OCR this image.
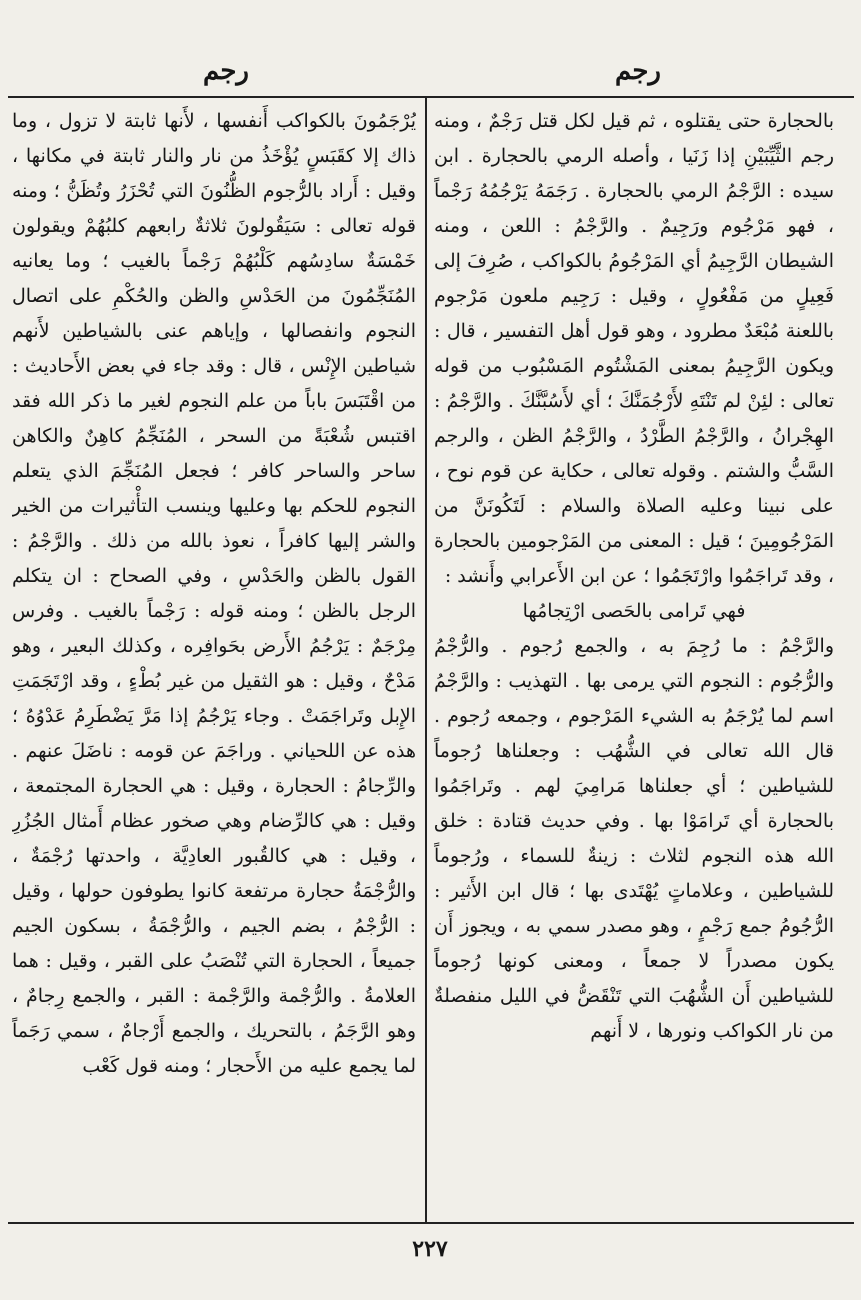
رجم
رجم

بالحجارة حتى يقتلوه ، ثم قيل لكل قتل رَجْمٌ ، ومنه رجم الثَّيِّبَيْنِ إذا زَنَيا ، وأصله الرمي بالحجارة . ابن سيده : الرَّجْمُ الرمي بالحجارة . رَجَمَهُ يَرْجُمُهُ رَجْماً ، فهو مَرْجُوم ورَجِيمٌ . والرَّجْمُ : اللعن ، ومنه الشيطان الرَّجِيمُ أي المَرْجُومُ بالكواكب ، صُرِفَ إلى فَعِيلٍ من مَفْعُولٍ ، وقيل : رَجِيم ملعون مَرْجوم باللعنة مُبْعَدٌ مطرود ، وهو قول أهل التفسير ، قال : ويكون الرَّجِيمُ بمعنى المَشْتُوم المَسْبُوب من قوله تعالى : لئِنْ لم تَنْتَهِ لأَرْجُمَنَّكَ ؛ أي لأَسُبَّنَّكَ . والرَّجْمُ : الهِجْرانُ ، والرَّجْمُ الطَّرْدُ ، والرَّجْمُ الظن ، والرجم السَّبُّ والشتم . وقوله تعالى ، حكاية عن قوم نوح ، على نبينا وعليه الصلاة والسلام : لَتَكُونَنَّ من المَرْجُومِينَ ؛ قيل : المعنى من المَرْجومين بالحجارة ، وقد تَراجَمُوا وارْتَجَمُوا ؛ عن ابن الأَعرابي وأَنشد :

فهي تَرامى بالحَصى ارْتِجامُها

والرَّجْمُ : ما رُجِمَ به ، والجمع رُجوم . والرُّجْمُ والرُّجُوم : النجوم التي يرمى بها . التهذيب : والرَّجْمُ اسم لما يُرْجَمُ به الشيء المَرْجوم ، وجمعه رُجوم . قال الله تعالى في الشُّهُب : وجعلناها رُجوماً للشياطين ؛ أي جعلناها مَرامِيَ لهم . وتَراجَمُوا بالحجارة أي تَرامَوْا بها . وفي حديث قتادة : خلق الله هذه النجوم لثلاث : زينةٌ للسماء ، ورُجوماً للشياطين ، وعلاماتٍ يُهْتَدى بها ؛ قال ابن الأَثير : الرُّجُومُ جمع رَجْمٍ ، وهو مصدر سمي به ، ويجوز أَن يكون مصدراً لا جمعاً ، ومعنى كونها رُجوماً للشياطين أَن الشُّهُبَ التي تَنْقَضُّ في الليل منفصلةٌ من نار الكواكب ونورها ، لا أَنهم

يُرْجَمُونَ بالكواكب أَنفسها ، لأَنها ثابتة لا تزول ، وما ذاك إلا كقَبَسٍ يُؤْخَذُ من نار والنار ثابتة في مكانها ، وقيل : أَراد بالرُّجوم الظُّنُونَ التي تُحْزَرُ وتُظَنُّ ؛ ومنه قوله تعالى : سَيَقُولونَ ثلاثةٌ رابعهم كلبُهُمْ ويقولون خَمْسَةٌ سادِسُهم كَلْبُهُمْ رَجْماً بالغيب ؛ وما يعانيه المُنَجِّمُونَ من الحَدْسِ والظن والحُكْمِ على اتصال النجوم وانفصالها ، وإياهم عنى بالشياطين لأَنهم شياطين الإِنْس ، قال : وقد جاء في بعض الأَحاديث : من اقْتَبَسَ باباً من علم النجوم لغير ما ذكر الله فقد اقتبس شُعْبَةً من السحر ، المُنَجِّمُ كاهِنٌ والكاهن ساحر والساحر كافر ؛ فجعل المُنَجِّمَ الذي يتعلم النجوم للحكم بها وعليها وينسب التأْثيرات من الخير والشر إليها كافراً ، نعوذ بالله من ذلك . والرَّجْمُ : القول بالظن والحَدْسِ ، وفي الصحاح : ان يتكلم الرجل بالظن ؛ ومنه قوله : رَجْماً بالغيب . وفرس مِرْجَمٌ : يَرْجُمُ الأَرض بحَوافِره ، وكذلك البعير ، وهو مَدْحٌ ، وقيل : هو الثقيل من غير بُطْءٍ ، وقد ارْتَجَمَتِ الإِبل وتَراجَمَتْ . وجاء يَرْجُمُ إذا مَرَّ يَضْطَرِمُ عَدْوُهُ ؛ هذه عن اللحياني . وراجَمَ عن قومه : ناضَلَ عنهم . والرِّجامُ : الحجارة ، وقيل : هي الحجارة المجتمعة ، وقيل : هي كالرِّضام وهي صخور عظام أَمثال الجُزُرِ ، وقيل : هي كالقُبور العادِيَّة ، واحدتها رُجْمَةٌ ، والرُّجْمَةُ حجارة مرتفعة كانوا يطوفون حولها ، وقيل : الرُّجْمُ ، بضم الجيم ، والرُّجْمَةُ ، بسكون الجيم جميعاً ، الحجارة التي تُنْصَبُ على القبر ، وقيل : هما العلامةُ . والرُّجْمة والرَّجْمة : القبر ، والجمع رِجامٌ ، وهو الرَّجَمُ ، بالتحريك ، والجمع أَرْجامٌ ، سمي رَجَماً لما يجمع عليه من الأَحجار ؛ ومنه قول كَعْب

٢٢٧
